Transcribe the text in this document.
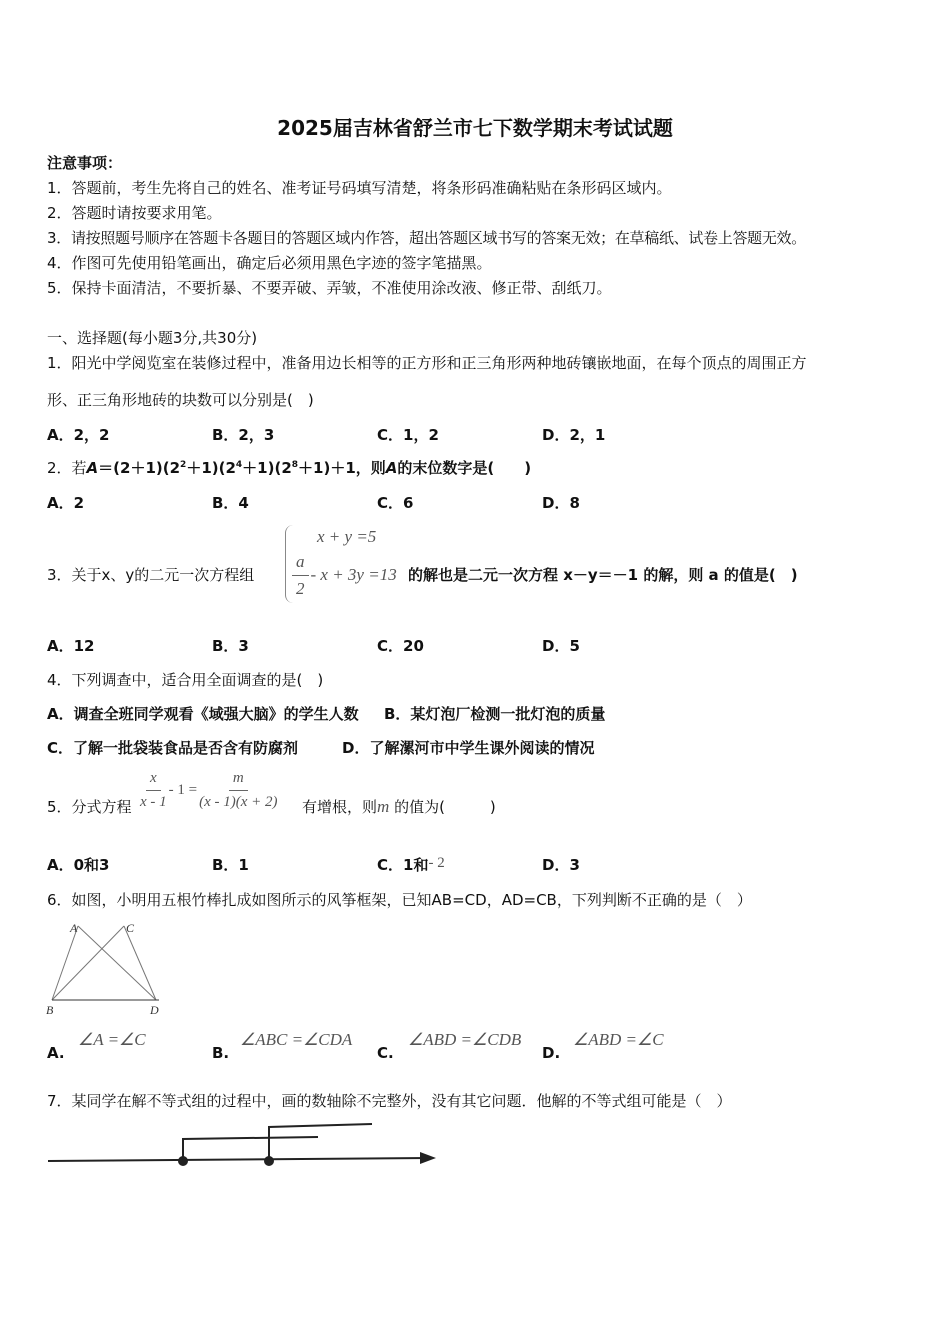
2025届吉林省舒兰市七下数学期末考试试题
注意事项：
1．答题前，考生先将自己的姓名、准考证号码填写清楚，将条形码准确粘贴在条形码区域内。
2．答题时请按要求用笔。
3．请按照题号顺序在答题卡各题目的答题区域内作答，超出答题区域书写的答案无效；在草稿纸、试卷上答题无效。
4．作图可先使用铅笔画出，确定后必须用黑色字迹的签字笔描黑。
5．保持卡面清洁，不要折暴、不要弄破、弄皱，不准使用涂改液、修正带、刮纸刀。
一、选择题(每小题3分,共30分)
1．阳光中学阅览室在装修过程中，准备用边长相等的正方形和正三角形两种地砖镶嵌地面，在每个顶点的周围正方
形、正三角形地砖的块数可以分别是(　)
A．2，2	B．2，3	C．1，2	D．2，1
2．若$A=(2+1)(2^2+1)(2^4+1)(2^8+1)+1$，则A的末位数字是(　　)
A．2	B．4	C．6	D．8
3．关于x、y的二元一次方程组
x + y =5
$\frac{a}{2} - x + 3y =13$ 的解也是二元一次方程 x－y＝－1 的解，则 a 的值是(　)
A．12	B．3	C．20	D．5
4．下列调查中，适合用全面调查的是(　)
A．调查全班同学观看《域强大脑》的学生人数 B．某灯泡厂检测一批灯泡的质量
C．了解一批袋装食品是否含有防腐剂	D．了解漯河市中学生课外阅读的情况
5．分式方程 $\frac{x}{x - 1} - 1 = \frac{m}{(x - 1)(x + 2)}$ 有增根，则m 的值为(　　　)
A．0和3	B．1	C．1和- 2	D．3
6．如图，小明用五根竹棒扎成如图所示的风筝框架，已知AB=CD，AD=CB，下列判断不正确的是（　）
A	C
B	D
A.
∠A =∠C
B.
∠ABC =∠CDA
C.
∠ABD =∠CDB
D.
∠ABD =∠C
7．某同学在解不等式组的过程中，画的数轴除不完整外，没有其它问题．他解的不等式组可能是（　）
